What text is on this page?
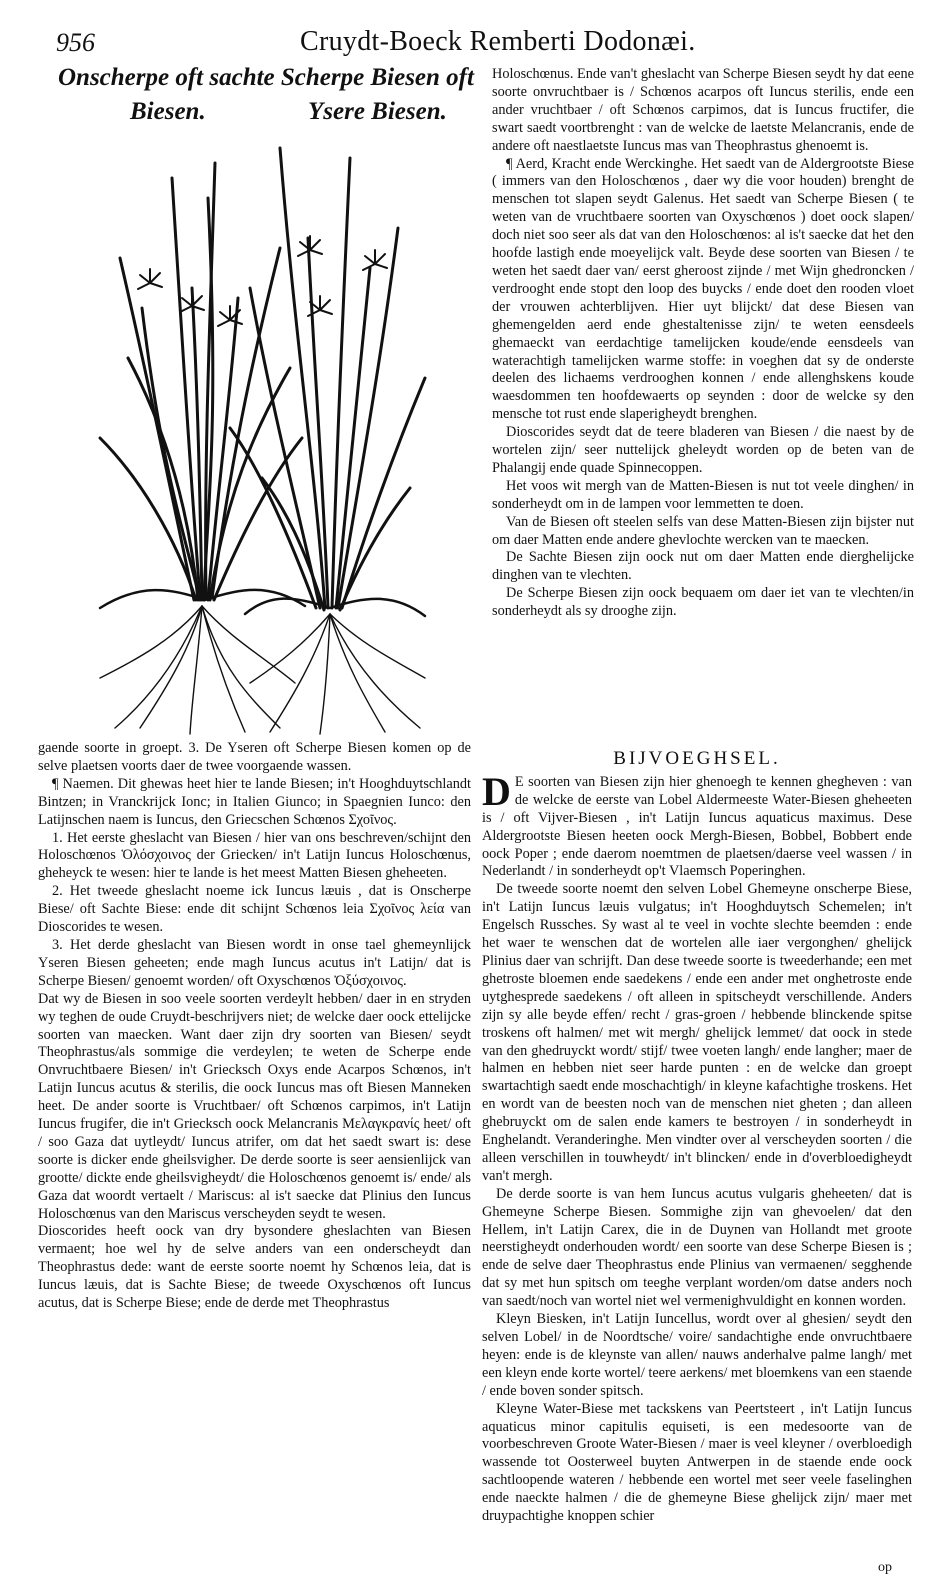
956	Cruydt-Boeck Remberti Dodonæi.
Onscherpe oft sachte Scherpe Biesen oft
Biesen.	Ysere Biesen.

Holoschœnus. Ende van't gheslacht van Scherpe Biesen seydt hy dat eene soorte onvruchtbaer is / Schœnos acarpos oft Iuncus sterilis, ende een ander vruchtbaer / oft Schœnos carpimos, dat is Iuncus fructifer, die swart saedt voortbrenght : van de welcke de laetste Melancranis, ende de andere oft naestlaetste Iuncus mas van Theophrastus ghenoemt is.

¶ Aerd, Kracht ende Werckinghe. Het saedt van de Aldergrootste Biese ( immers van den Holoschœnos , daer wy die voor houden) brenght de menschen tot slapen seydt Galenus. Het saedt van Scherpe Biesen ( te weten van de vruchtbaere soorten van Oxyschœnos ) doet oock slapen/ doch niet soo seer als dat van den Holoschœnos: al is't saecke dat het den hoofde lastigh ende moeyelijck valt. Beyde dese soorten van Biesen / te weten het saedt daer van/ eerst gheroost zijnde / met Wijn ghedroncken / verdrooght ende stopt den loop des buycks / ende doet den rooden vloet der vrouwen achterblijven. Hier uyt blijckt/ dat dese Biesen van ghemengelden aerd ende ghestaltenisse zijn/ te weten eensdeels ghemaeckt van eerdachtige tamelijcken koude/ende eensdeels van waterachtigh tamelijcken warme stoffe: in voeghen dat sy de onderste deelen des lichaems verdrooghen konnen / ende allenghskens koude waesdommen ten hoofdewaerts op seynden : door de welcke sy den mensche tot rust ende slaperigheydt brenghen.

Dioscorides seydt dat de teere bladeren van Biesen / die naest by de wortelen zijn/ seer nuttelijck gheleydt worden op de beten van de Phalangij ende quade Spinnecoppen.

Het voos wit mergh van de Matten-Biesen is nut tot veele dinghen/ in sonderheydt om in de lampen voor lemmetten te doen.

Van de Biesen oft steelen selfs van dese Matten-Biesen zijn bijster nut om daer Matten ende andere ghevlochte wercken van te maecken.

De Sachte Biesen zijn oock nut om daer Matten ende dierghelijcke dinghen van te vlechten.

De Scherpe Biesen zijn oock bequaem om daer iet van te vlechten/in sonderheydt als sy drooghe zijn.

gaende soorte in groept. 3. De Yseren oft Scherpe Biesen komen op de selve plaetsen voorts daer de twee voorgaende wassen.

¶ Naemen. Dit ghewas heet hier te lande Biesen; in't Hooghduytschlandt Bintzen; in Vranckrijck Ionc; in Italien Giunco; in Spaegnien Iunco: den Latijnschen naem is Iuncus, den Griecschen Schœnos Σχοῖνος.

1. Het eerste gheslacht van Biesen / hier van ons beschreven/schijnt den Holoschœnos Ὁλόσχοινος der Griecken/ in't Latijn Iuncus Holoschœnus, gheheyck te wesen: hier te lande is het meest Matten Biesen gheheeten.

2. Het tweede gheslacht noeme ick Iuncus læuis , dat is Onscherpe Biese/ oft Sachte Biese: ende dit schijnt Schœnos leia Σχοῖνος λεία van Dioscorides te wesen.

3. Het derde gheslacht van Biesen wordt in onse tael ghemeynlijck Yseren Biesen geheeten; ende magh Iuncus acutus in't Latijn/ dat is Scherpe Biesen/ genoemt worden/ oft Oxyschœnos Ὀξύσχοινος.

Dat wy de Biesen in soo veele soorten verdeylt hebben/ daer in en stryden wy teghen de oude Cruydt-beschrijvers niet; de welcke daer oock ettelijcke soorten van maecken. Want daer zijn dry soorten van Biesen/ seydt Theophrastus/als sommige die verdeylen; te weten de Scherpe ende Onvruchtbaere Biesen/ in't Griecksch Oxys ende Acarpos Schœnos, in't Latijn Iuncus acutus & sterilis, die oock Iuncus mas oft Biesen Manneken heet. De ander soorte is Vruchtbaer/ oft Schœnos carpimos, in't Latijn Iuncus frugifer, die in't Griecksch oock Melancranis Μελαγκρανίς heet/ oft / soo Gaza dat uytleydt/ Iuncus atrifer, om dat het saedt swart is: dese soorte is dicker ende gheilsvigher. De derde soorte is seer aensienlijck van grootte/ dickte ende gheilsvigheydt/ die Holoschœnos genoemt is/ ende/ als Gaza dat woordt vertaelt / Mariscus: al is't saecke dat Plinius den Iuncus Holoschœnus van den Mariscus verscheyden seydt te wesen.

Dioscorides heeft oock van dry bysondere gheslachten van Biesen vermaent; hoe wel hy de selve anders van een onderscheydt dan Theophrastus dede: want de eerste soorte noemt hy Schœnos leia, dat is Iuncus læuis, dat is Sachte Biese; de tweede Oxyschœnos oft Iuncus acutus, dat is Scherpe Biese; ende de derde met Theophrastus

BIJVOEGHSEL.

D E soorten van Biesen zijn hier ghenoegh te kennen ghegheven : van de welcke de eerste van Lobel Aldermeeste Water-Biesen gheheeten is / oft Vijver-Biesen , in't Latijn Iuncus aquaticus maximus. Dese Aldergrootste Biesen heeten oock Mergh-Biesen, Bobbel, Bobbert ende oock Poper ; ende daerom noemtmen de plaetsen/daerse veel wassen / in Nederlandt / in sonderheydt op't Vlaemsch Poperinghen.

De tweede soorte noemt den selven Lobel Ghemeyne onscherpe Biese, in't Latijn Iuncus læuis vulgatus; in't Hooghduytsch Schemelen; in't Engelsch Russches. Sy wast al te veel in vochte slechte beemden : ende het waer te wenschen dat de wortelen alle iaer vergonghen/ ghelijck Plinius daer van schrijft. Dan dese tweede soorte is tweederhande; een met ghetroste bloemen ende saedekens / ende een ander met onghetroste ende uytghesprede saedekens / oft alleen in spitscheydt verschillende. Anders zijn sy alle beyde effen/ recht / gras-groen / hebbende blinckende spitse troskens oft halmen/ met wit mergh/ ghelijck lemmet/ dat oock in stede van den ghedruyckt wordt/ stijf/ twee voeten langh/ ende langher; maer de halmen en hebben niet seer harde punten : en de welcke dan groept swartachtigh saedt ende moschachtigh/ in kleyne kafachtighe troskens. Het en wordt van de beesten noch van de menschen niet gheten ; dan alleen ghebruyckt om de salen ende kamers te bestroyen / in sonderheydt in Enghelandt. Veranderinghe. Men vindter over al verscheyden soorten / die alleen verschillen in touwheydt/ in't blincken/ ende in d'overbloedigheydt van't mergh.

De derde soorte is van hem Iuncus acutus vulgaris gheheeten/ dat is Ghemeyne Scherpe Biesen. Sommighe zijn van ghevoelen/ dat den Hellem, in't Latijn Carex, die in de Duynen van Hollandt met groote neerstigheydt onderhouden wordt/ een soorte van dese Scherpe Biesen is ; ende de selve daer Theophrastus ende Plinius van vermaenen/ segghende dat sy met hun spitsch om teeghe verplant worden/om datse anders noch van saedt/noch van wortel niet wel vermenighvuldight en konnen worden.

Kleyn Biesken, in't Latijn Iuncellus, wordt over al ghesien/ seydt den selven Lobel/ in de Noordtsche/ voire/ sandachtighe ende onvruchtbaere heyen: ende is de kleynste van allen/ nauws anderhalve palme langh/ met een kleyn ende korte wortel/ teere aerkens/ met bloemkens van een staende / ende boven sonder spitsch.

Kleyne Water-Biese met tackskens van Peertsteert , in't Latijn Iuncus aquaticus minor capitulis equiseti, is een medesoorte van de voorbeschreven Groote Water-Biesen / maer is veel kleyner / overbloedigh wassende tot Oosterweel buyten Antwerpen in de staende ende oock sachtloopende wateren / hebbende een wortel met seer veele faselinghen ende naeckte halmen / die de ghemeyne Biese ghelijck zijn/ maer met druypachtighe knoppen schier

op
